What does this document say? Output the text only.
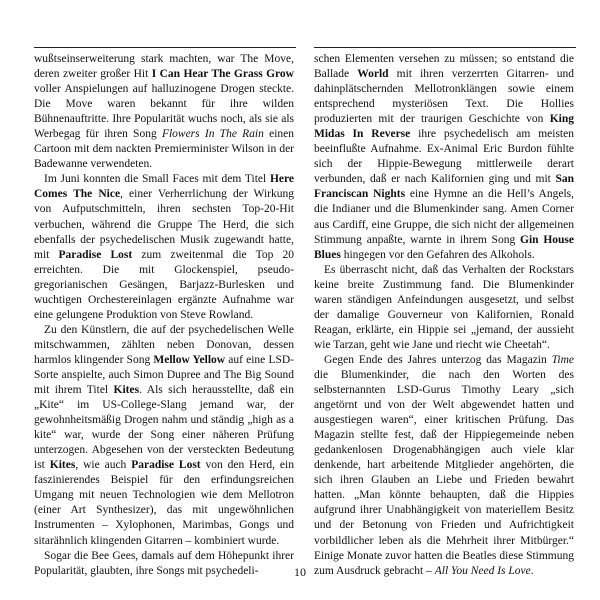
wußtseinserweiterung stark machten, war The Move, deren zweiter großer Hit I Can Hear The Grass Grow voller Anspielungen auf halluzinogene Drogen steckte. Die Move waren bekannt für ihre wilden Bühnenauftritte. Ihre Popularität wuchs noch, als sie als Werbegag für ihren Song Flowers In The Rain einen Cartoon mit dem nackten Premierminister Wilson in der Badewanne verwendeten.

Im Juni konnten die Small Faces mit dem Titel Here Comes The Nice, einer Verherrlichung der Wirkung von Aufputschmitteln, ihren sechsten Top-20-Hit verbuchen, während die Gruppe The Herd, die sich ebenfalls der psychedelischen Musik zugewandt hatte, mit Paradise Lost zum zweitenmal die Top 20 erreichten. Die mit Glockenspiel, pseudo-gregorianischen Gesängen, Barjazz-Burlesken und wuchtigen Orchestereinlagen ergänzte Aufnahme war eine gelungene Produktion von Steve Rowland.

Zu den Künstlern, die auf der psychedelischen Welle mitschwammen, zählten neben Donovan, dessen harmlos klingender Song Mellow Yellow auf eine LSD-Sorte anspielte, auch Simon Dupree and The Big Sound mit ihrem Titel Kites. Als sich herausstellte, daß ein „Kite“ im US-College-Slang jemand war, der gewohnheitsmäßig Drogen nahm und ständig „high as a kite“ war, wurde der Song einer näheren Prüfung unterzogen. Abgesehen von der versteckten Bedeutung ist Kites, wie auch Paradise Lost von den Herd, ein faszinierendes Beispiel für den erfindungsreichen Umgang mit neuen Technologien wie dem Mellotron (einer Art Synthesizer), das mit ungewöhnlichen Instrumenten – Xylophonen, Marimbas, Gongs und sitarähnlich klingenden Gitarren – kombiniert wurde.

Sogar die Bee Gees, damals auf dem Höhepunkt ihrer Popularität, glaubten, ihre Songs mit psychedeli-

schen Elementen versehen zu müssen; so entstand die Ballade World mit ihren verzerrten Gitarren- und dahinplätschernden Mellotronklängen sowie einem entsprechend mysteriösen Text. Die Hollies produzierten mit der traurigen Geschichte von King Midas In Reverse ihre psychedelisch am meisten beeinflußte Aufnahme. Ex-Animal Eric Burdon fühlte sich der Hippie-Bewegung mittlerweile derart verbunden, daß er nach Kalifornien ging und mit San Franciscan Nights eine Hymne an die Hell’s Angels, die Indianer und die Blumenkinder sang. Amen Corner aus Cardiff, eine Gruppe, die sich nicht der allgemeinen Stimmung anpaßte, warnte in ihrem Song Gin House Blues hingegen vor den Gefahren des Alkohols.

Es überrascht nicht, daß das Verhalten der Rockstars keine breite Zustimmung fand. Die Blumenkinder waren ständigen Anfeindungen ausgesetzt, und selbst der damalige Gouverneur von Kalifornien, Ronald Reagan, erklärte, ein Hippie sei „jemand, der aussieht wie Tarzan, geht wie Jane und riecht wie Cheetah“.

Gegen Ende des Jahres unterzog das Magazin Time die Blumenkinder, die nach den Worten des selbsternannten LSD-Gurus Timothy Leary „sich angetörnt und von der Welt abgewendet hatten und ausgestiegen waren“, einer kritischen Prüfung. Das Magazin stellte fest, daß der Hippiegemeinde neben gedankenlosen Drogenabhängigen auch viele klar denkende, hart arbeitende Mitglieder angehörten, die sich ihren Glauben an Liebe und Frieden bewahrt hatten. „Man könnte behaupten, daß die Hippies aufgrund ihrer Unabhängigkeit von materiellem Besitz und der Betonung von Frieden und Aufrichtigkeit vorbildlicher leben als die Mehrheit ihrer Mitbürger.“ Einige Monate zuvor hatten die Beatles diese Stimmung zum Ausdruck gebracht – All You Need Is Love.

10
